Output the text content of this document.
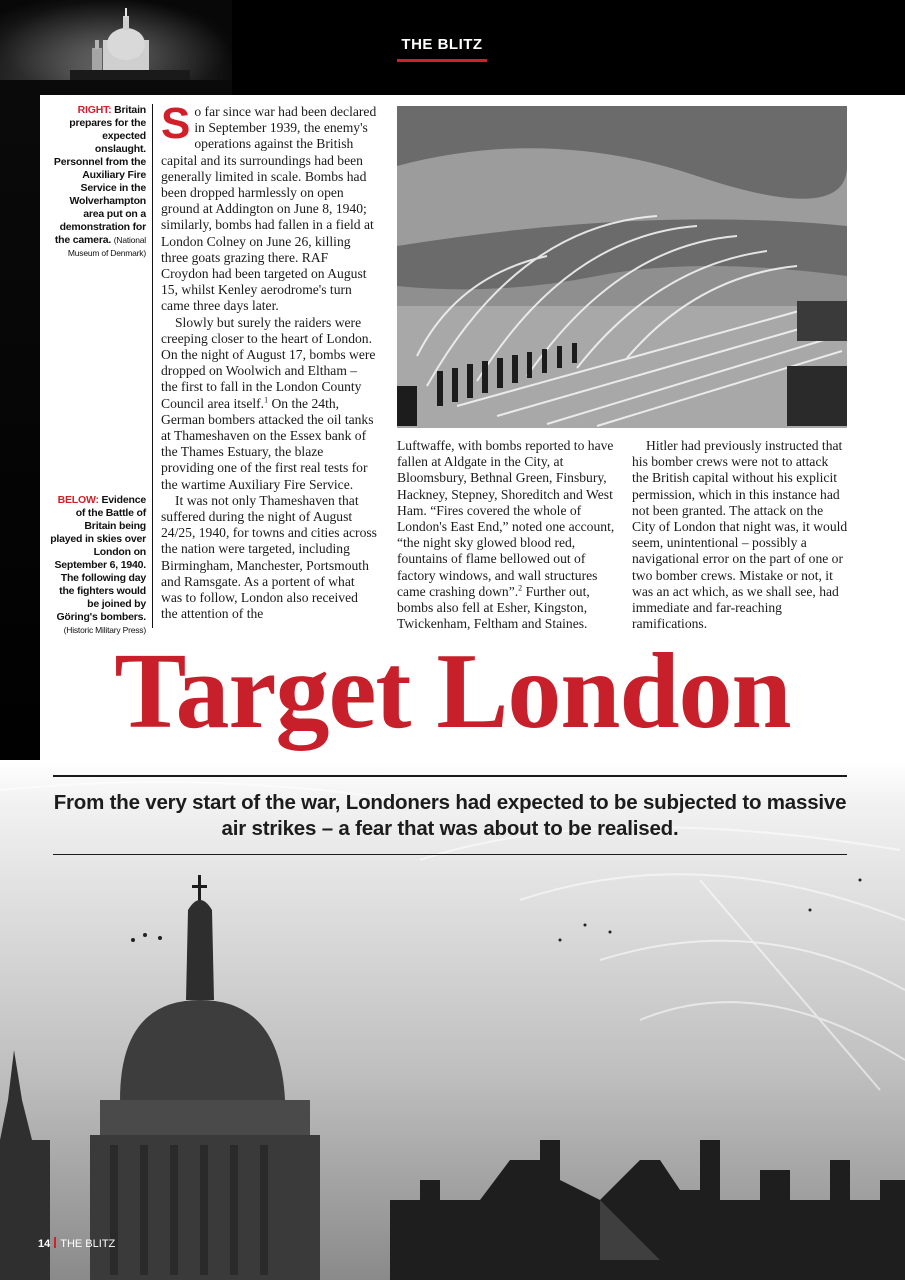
THE BLITZ
RIGHT: Britain prepares for the expected onslaught. Personnel from the Auxiliary Fire Service in the Wolverhampton area put on a demonstration for the camera. (National Museum of Denmark)
BELOW: Evidence of the Battle of Britain being played in skies over London on September 6, 1940. The following day the fighters would be joined by Göring's bombers. (Historic Military Press)

So far since war had been declared in September 1939, the enemy's operations against the British capital and its surroundings had been generally limited in scale. Bombs had been dropped harmlessly on open ground at Addington on June 8, 1940; similarly, bombs had fallen in a field at London Colney on June 26, killing three goats grazing there. RAF Croydon had been targeted on August 15, whilst Kenley aerodrome's turn came three days later.

Slowly but surely the raiders were creeping closer to the heart of London. On the night of August 17, bombs were dropped on Woolwich and Eltham – the first to fall in the London County Council area itself.$^1$ On the 24th, German bombers attacked the oil tanks at Thameshaven on the Essex bank of the Thames Estuary, the blaze providing one of the first real tests for the wartime Auxiliary Fire Service.

It was not only Thameshaven that suffered during the night of August 24/25, 1940, for towns and cities across the nation were targeted, including Birmingham, Manchester, Portsmouth and Ramsgate. As a portent of what was to follow, London also received the attention of the

Luftwaffe, with bombs reported to have fallen at Aldgate in the City, at Bloomsbury, Bethnal Green, Finsbury, Hackney, Stepney, Shoreditch and West Ham. “Fires covered the whole of London's East End,” noted one account, “the night sky glowed blood red, fountains of flame bellowed out of factory windows, and wall structures came crashing down”.$^2$ Further out, bombs also fell at Esher, Kingston, Twickenham, Feltham and Staines.

Hitler had previously instructed that his bomber crews were not to attack the British capital without his explicit permission, which in this instance had not been granted. The attack on the City of London that night was, it would seem, unintentional – possibly a navigational error on the part of one or two bomber crews. Mistake or not, it was an act which, as we shall see, had immediate and far-reaching ramifications.

Target London
From the very start of the war, Londoners had expected to be subjected to massive air strikes – a fear that was about to be realised.
14 THE BLITZ
